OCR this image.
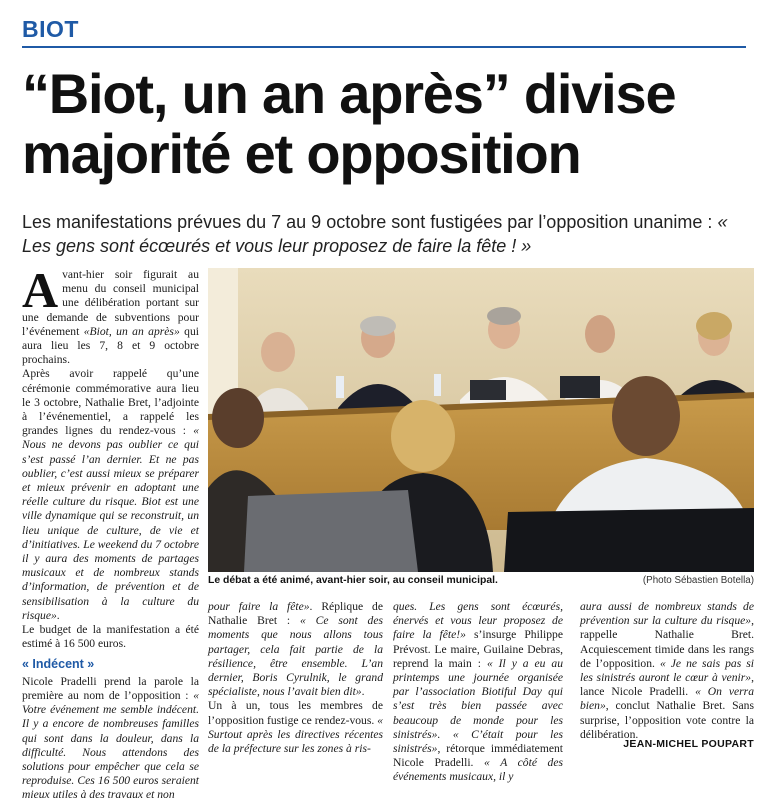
BIOT
“Biot, un an après” divise majorité et opposition
Les manifestations prévues du 7 au 9 octobre sont fustigées par l’opposition unanime : « Les gens sont écœurés et vous leur proposez de faire la fête ! »

Avant-hier soir figurait au menu du conseil municipal une délibération portant sur une demande de subventions pour l’événement «Biot, un an après» qui aura lieu les 7, 8 et 9 octobre prochains.

Après avoir rappelé qu’une cérémonie commémorative aura lieu le 3 octobre, Nathalie Bret, l’adjointe à l’événementiel, a rappelé les grandes lignes du rendez-vous : « Nous ne devons pas oublier ce qui s’est passé l’an dernier. Et ne pas oublier, c’est aussi mieux se préparer et mieux prévenir en adoptant une réelle culture du risque. Biot est une ville dynamique qui se reconstruit, un lieu unique de culture, de vie et d’initiatives. Le weekend du 7 octobre il y aura des moments de partages musicaux et de nombreux stands d’information, de prévention et de sensibilisation à la culture du risque».

Le budget de la manifestation a été estimé à 16 500 euros.

« Indécent »

Nicole Pradelli prend la parole la première au nom de l’opposition : « Votre événement me semble indécent. Il y a encore de nombreuses familles qui sont dans la douleur, dans la difficulté. Nous attendons des solutions pour empêcher que cela se reproduise. Ces 16 500 euros seraient mieux utiles à des travaux et non

Le débat a été animé, avant-hier soir, au conseil municipal.	(Photo Sébastien Botella)

pour faire la fête». Réplique de Nathalie Bret : « Ce sont des moments que nous allons tous partager, cela fait partie de la résilience, être ensemble. L’an dernier, Boris Cyrulnik, le grand spécialiste, nous l’avait bien dit».

Un à un, tous les membres de l’opposition fustige ce rendez-vous. « Surtout après les directives récentes de la préfecture sur les zones à ris-

ques. Les gens sont écœurés, énervés et vous leur proposez de faire la fête!» s’insurge Philippe Prévost. Le maire, Guilaine Debras, reprend la main : « Il y a eu au printemps une journée organisée par l’association Biotiful Day qui s’est très bien passée avec beaucoup de monde pour les sinistrés». « C’était pour les sinistrés», rétorque immédiatement Nicole Pradelli. « A côté des événements musicaux, il y

aura aussi de nombreux stands de prévention sur la culture du risque», rappelle Nathalie Bret. Acquiescement timide dans les rangs de l’opposition. « Je ne sais pas si les sinistrés auront le cœur à venir», lance Nicole Pradelli. « On verra bien», conclut Nathalie Bret. Sans surprise, l’opposition vote contre la délibération.

JEAN-MICHEL POUPART
